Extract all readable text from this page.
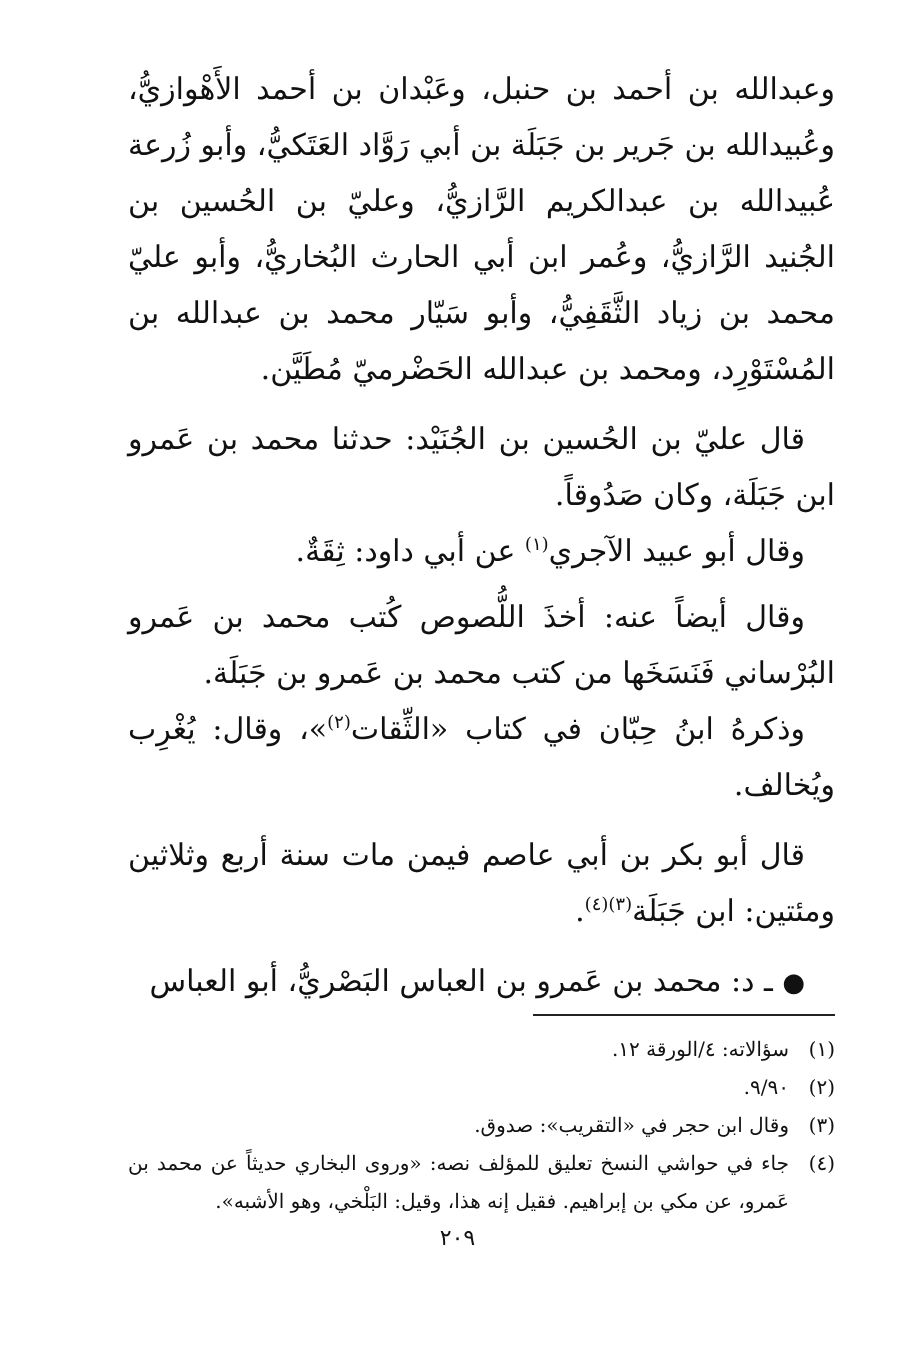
وعبدالله بن أحمد بن حنبل، وعَبْدان بن أحمد الأَهْوازيُّ، وعُبيدالله بن جَرير بن جَبَلَة بن أبي رَوَّاد العَتَكيُّ، وأبو زُرعة عُبيدالله بن عبدالكريم الرَّازيُّ، وعليّ بن الحُسين بن الجُنيد الرَّازيُّ، وعُمر ابن أبي الحارث البُخاريُّ، وأبو عليّ محمد بن زياد الثَّقَفِيُّ، وأبو سَيّار محمد بن عبدالله بن المُسْتَوْرِد، ومحمد بن عبدالله الحَضْرميّ مُطَيَّن.

قال عليّ بن الحُسين بن الجُنَيْد: حدثنا محمد بن عَمرو ابن جَبَلَة، وكان صَدُوقاً.

وقال أبو عبيد الآجري$^{(١)}$ عن أبي داود: ثِقَةٌ.

وقال أيضاً عنه: أخذَ اللُّصوص كُتب محمد بن عَمرو البُرْساني فَنَسَخَها من كتب محمد بن عَمرو بن جَبَلَة.

وذكرهُ ابنُ حِبّان في كتاب «الثِّقات$^{(٢)}$»، وقال: يُغْرِب ويُخالف.

قال أبو بكر بن أبي عاصم فيمن مات سنة أربع وثلاثين ومئتين: ابن جَبَلَة$^{(٣)(٤)}$.

● ـ د: محمد بن عَمرو بن العباس البَصْريُّ، أبو العباس

(١)
سؤالاته: ٤/الورقة ١٢.
(٢)
٩/٩٠.
(٣)
وقال ابن حجر في «التقريب»: صدوق.
(٤)
جاء في حواشي النسخ تعليق للمؤلف نصه: «وروى البخاري حديثاً عن محمد بن عَمرو، عن مكي بن إبراهيم. فقيل إنه هذا، وقيل: البَلْخي، وهو الأشبه».
٢٠٩
